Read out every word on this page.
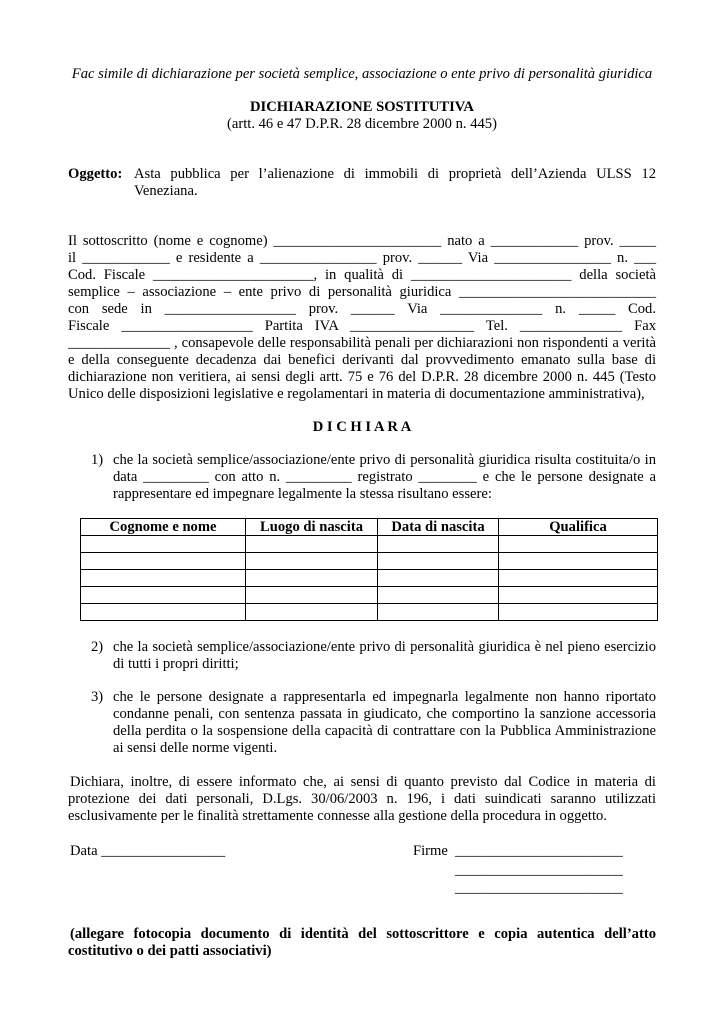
Fac simile di dichiarazione per società semplice, associazione o ente privo di personalità giuridica
DICHIARAZIONE SOSTITUTIVA
(artt. 46 e 47 D.P.R. 28 dicembre 2000 n. 445)
Oggetto: Asta pubblica per l’alienazione di immobili di proprietà dell’Azienda ULSS 12
Veneziana.
Il sottoscritto (nome e cognome) _______________________ nato a ____________ prov. _____
il ____________ e residente a ________________ prov. ______ Via ________________ n. ___
Cod. Fiscale ______________________, in qualità di ______________________ della società
semplice – associazione – ente privo di personalità giuridica ___________________________
con sede in __________________ prov. ______ Via ______________ n. _____ Cod.
Fiscale __________________ Partita IVA _________________ Tel. ______________ Fax
______________ , consapevole delle responsabilità penali per dichiarazioni non rispondenti a verità
e della conseguente decadenza dai benefici derivanti dal provvedimento emanato sulla base di
dichiarazione non veritiera, ai sensi degli artt. 75 e 76 del D.P.R. 28 dicembre 2000 n. 445 (Testo
Unico delle disposizioni legislative e regolamentari in materia di documentazione amministrativa),
D I C H I A R A
1) che la società semplice/associazione/ente privo di personalità giuridica risulta costituita/o in
data _________ con atto n. _________ registrato ________ e che le persone designate a
rappresentare ed impegnare legalmente la stessa risultano essere:
Cognome e nome	Luogo di nascita	Data di nascita	Qualifica

2) che la società semplice/associazione/ente privo di personalità giuridica è nel pieno esercizio
di tutti i propri diritti;
3) che le persone designate a rappresentarla ed impegnarla legalmente non hanno riportato
condanne penali, con sentenza passata in giudicato, che comportino la sanzione accessoria
della perdita o la sospensione della capacità di contrattare con la Pubblica Amministrazione
ai sensi delle norme vigenti.
Dichiara, inoltre, di essere informato che, ai sensi di quanto previsto dal Codice in materia di
protezione dei dati personali, D.Lgs. 30/06/2003 n. 196, i dati suindicati saranno utilizzati
esclusivamente per le finalità strettamente connesse alla gestione della procedura in oggetto.
Data _________________	Firme _______________________
_______________________
_______________________
(allegare fotocopia documento di identità del sottoscrittore e copia autentica dell’atto
costitutivo o dei patti associativi)
